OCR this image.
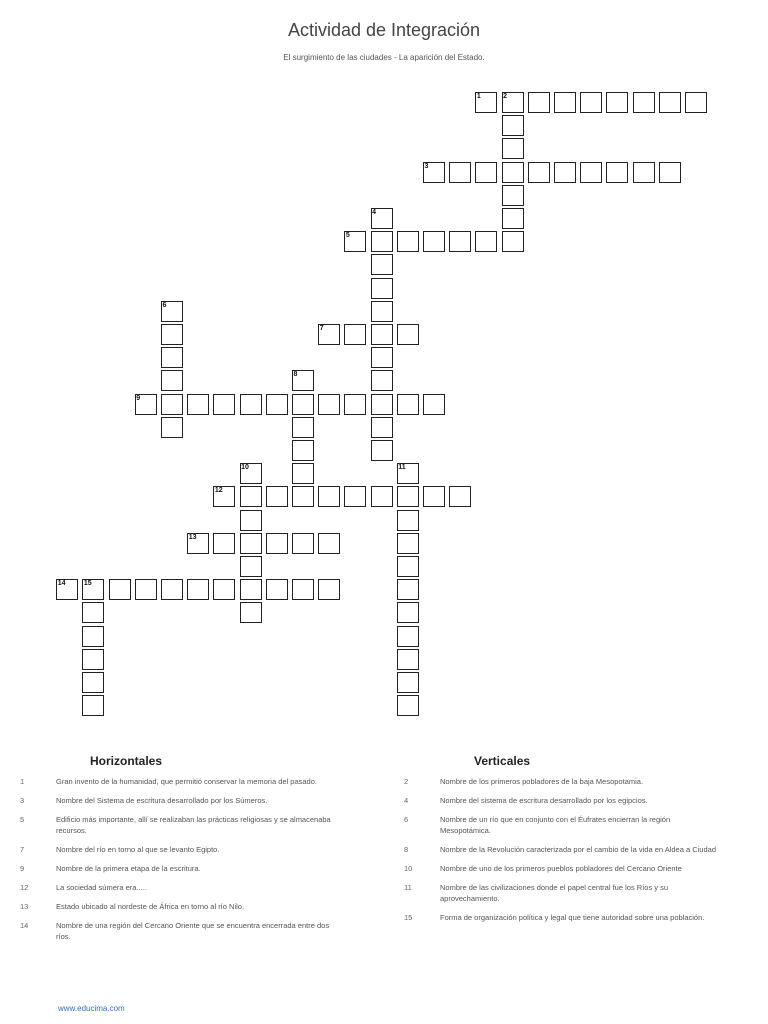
Actividad de Integración
El surgimiento de las ciudades - La aparición del Estado.
1	2
3
4
5
6
7
8
9
10	11
12
13
14	15
Horizontales	Verticales
1	Gran invento de la humanidad, que permitió conservar la memoria del pasado.
3	Nombre del Sistema de escritura desarrollado por los Súmeros.
5	Edificio más importante, allí se realizaban las prácticas religiosas y se almacenaba recursos.
7	Nombre del río en torno al que se levanto Egipto.
9	Nombre de la primera etapa de la escritura.
12	La sociedad súmera era.....
13	Estado ubicado al nordeste de África en torno al río Nilo.
14	Nombre de una región del Cercano Oriente que se encuentra encerrada entre dos ríos.
2	Nombre de los primeros pobladores de la baja Mesopotamia.
4	Nombre del sistema de escritura desarrollado por los egipcios.
6	Nombre de un río que en conjunto con el Éufrates encierran la región Mesopotámica.
8	Nombre de la Revolución caracterizada por el cambio de la vida en Aldea a Ciudad
10	Nombre de uno de los primeros pueblos pobladores del Cercano Oriente
11	Nombre de las civilizaciones donde el papel central fue los Ríos y su aprovechamiento.
15	Forma de organización política y legal que tiene autoridad sobre una población.
www.educima.com
